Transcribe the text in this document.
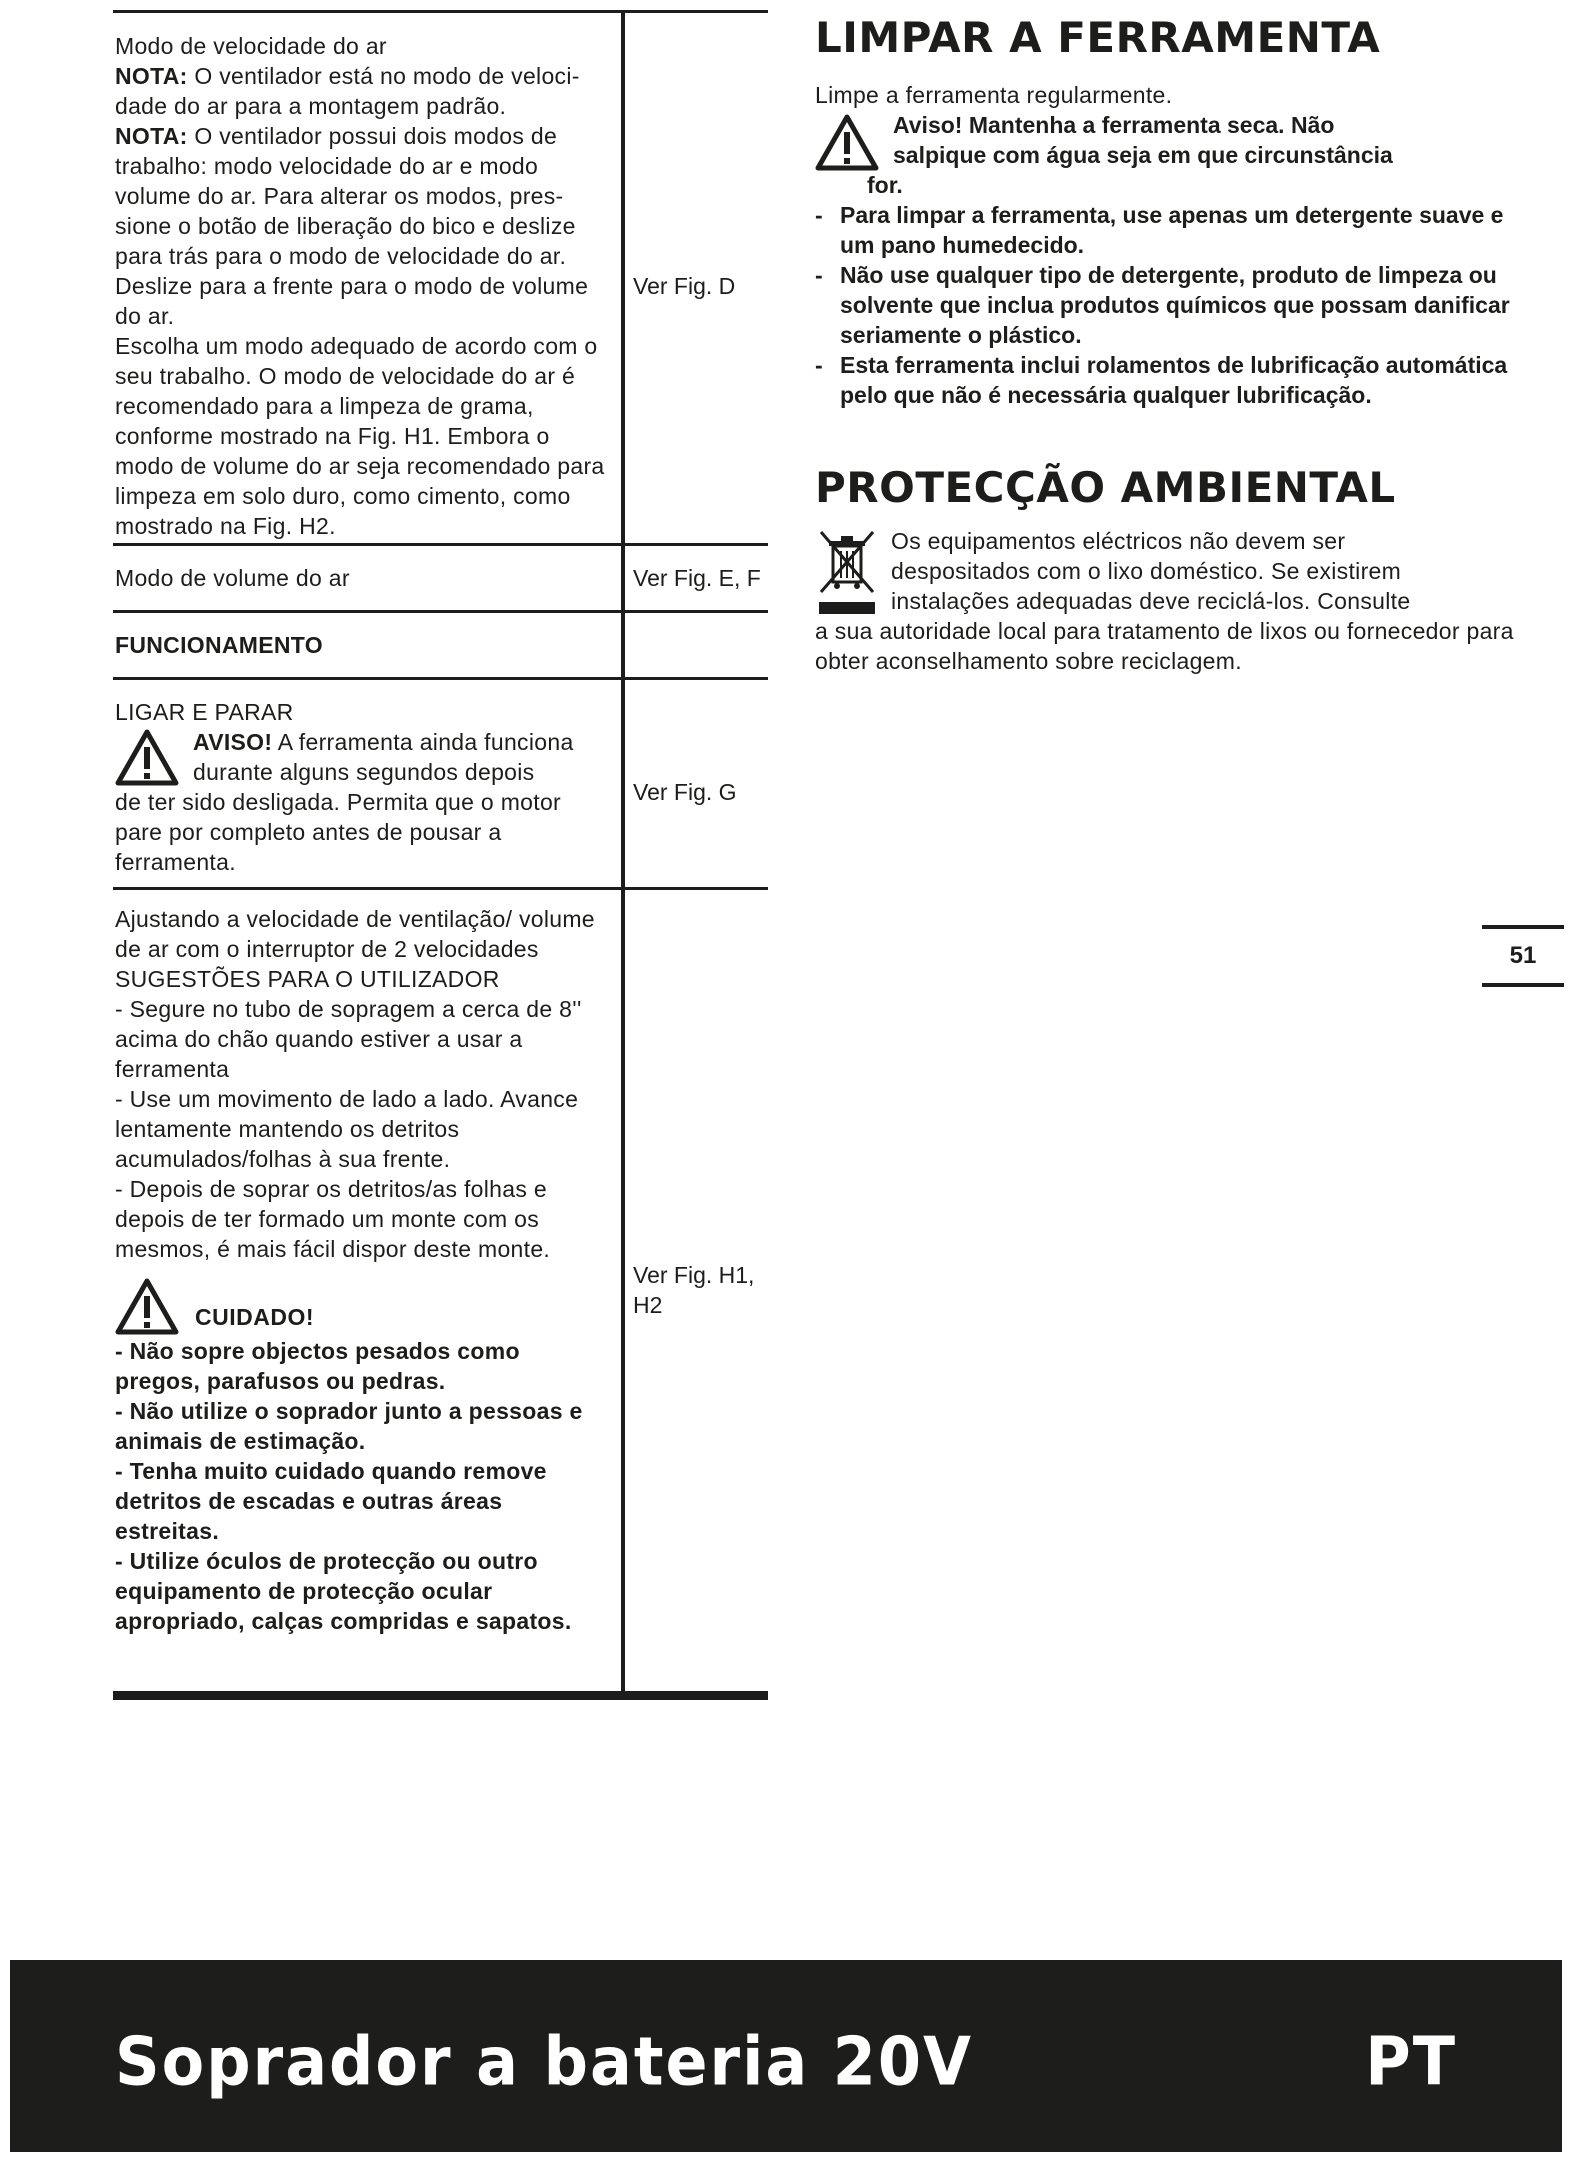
Modo de velocidade do ar
NOTA: O ventilador está no modo de veloci-dade do ar para a montagem padrão.
NOTA: O ventilador possui dois modos de trabalho: modo velocidade do ar e modo volume do ar. Para alterar os modos, pres-sione o botão de liberação do bico e deslize para trás para o modo de velocidade do ar. Deslize para a frente para o modo de volume do ar.
Escolha um modo adequado de acordo com o seu trabalho. O modo de velocidade do ar é recomendado para a limpeza de grama, conforme mostrado na Fig. H1. Embora o modo de volume do ar seja recomendado para limpeza em solo duro, como cimento, como mostrado na Fig. H2.
Ver Fig. D
Modo de volume do ar	Ver Fig. E, F
FUNCIONAMENTO
LIGAR E PARAR
AVISO! A ferramenta ainda funciona
durante alguns segundos depois
de ter sido desligada. Permita que o motor pare por completo antes de pousar a ferramenta.
Ver Fig. G
Ajustando a velocidade de ventilação/ volume de ar com o interruptor de 2 velocidades
SUGESTÕES PARA O UTILIZADOR
- Segure no tubo de sopragem a cerca de 8'' acima do chão quando estiver a usar a ferramenta
- Use um movimento de lado a lado. Avance lentamente mantendo os detritos acumulados/folhas à sua frente.
- Depois de soprar os detritos/as folhas e depois de ter formado um monte com os mesmos, é mais fácil dispor deste monte.
CUIDADO!
- Não sopre objectos pesados como pregos, parafusos ou pedras.
- Não utilize o soprador junto a pessoas e animais de estimação.
- Tenha muito cuidado quando remove detritos de escadas e outras áreas estreitas.
- Utilize óculos de protecção ou outro equipamento de protecção ocular apropriado, calças compridas e sapatos.
Ver Fig. H1, H2
LIMPAR A FERRAMENTA
Limpe a ferramenta regularmente.
Aviso! Mantenha a ferramenta seca. Não
salpique com água seja em que circunstância
for.
- Para limpar a ferramenta, use apenas um detergente suave e um pano humedecido.
- Não use qualquer tipo de detergente, produto de limpeza ou solvente que inclua produtos químicos que possam danificar seriamente o plástico.
- Esta ferramenta inclui rolamentos de lubrificação automática pelo que não é necessária qualquer lubrificação.
PROTECÇÃO AMBIENTAL
Os equipamentos eléctricos não devem ser
despositados com o lixo doméstico. Se existirem
instalações adequadas deve reciclá-los. Consulte
a sua autoridade local para tratamento de lixos ou fornecedor para obter aconselhamento sobre reciclagem.
51
Soprador a bateria 20V	PT
